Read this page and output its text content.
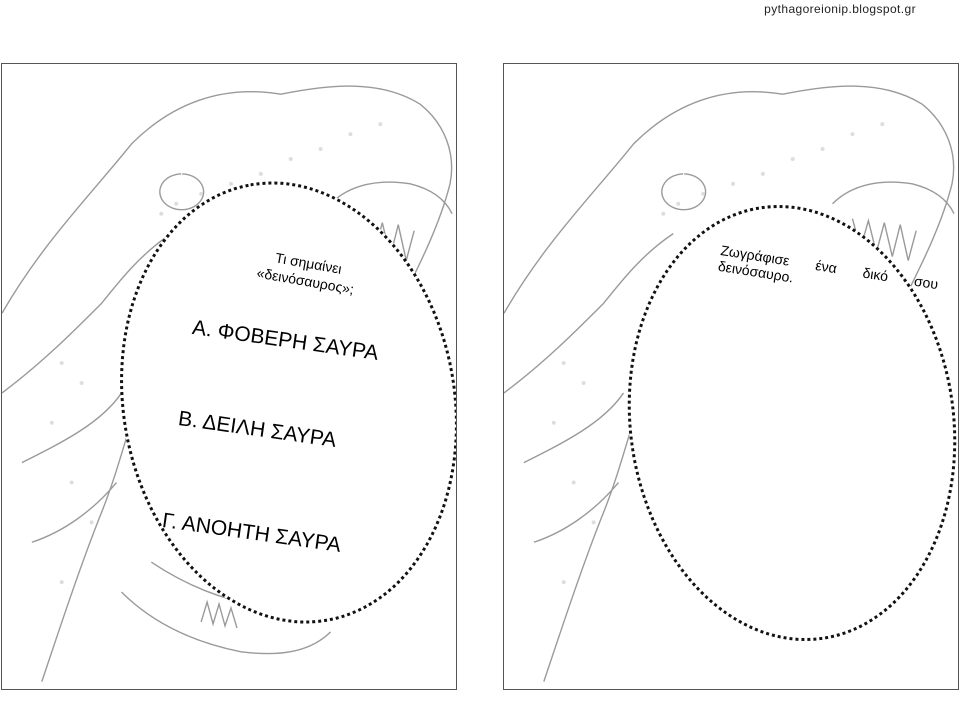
pythagoreionip.blogspot.gr
Τι σημαίνει «δεινόσαυρος»;
Α. ΦΟΒΕΡΗ ΣΑΥΡΑ
Β. ΔΕΙΛΗ ΣΑΥΡΑ
Γ. ΑΝΟΗΤΗ ΣΑΥΡΑ
Ζωγράφισε ένα δικό σου δεινόσαυρο.
